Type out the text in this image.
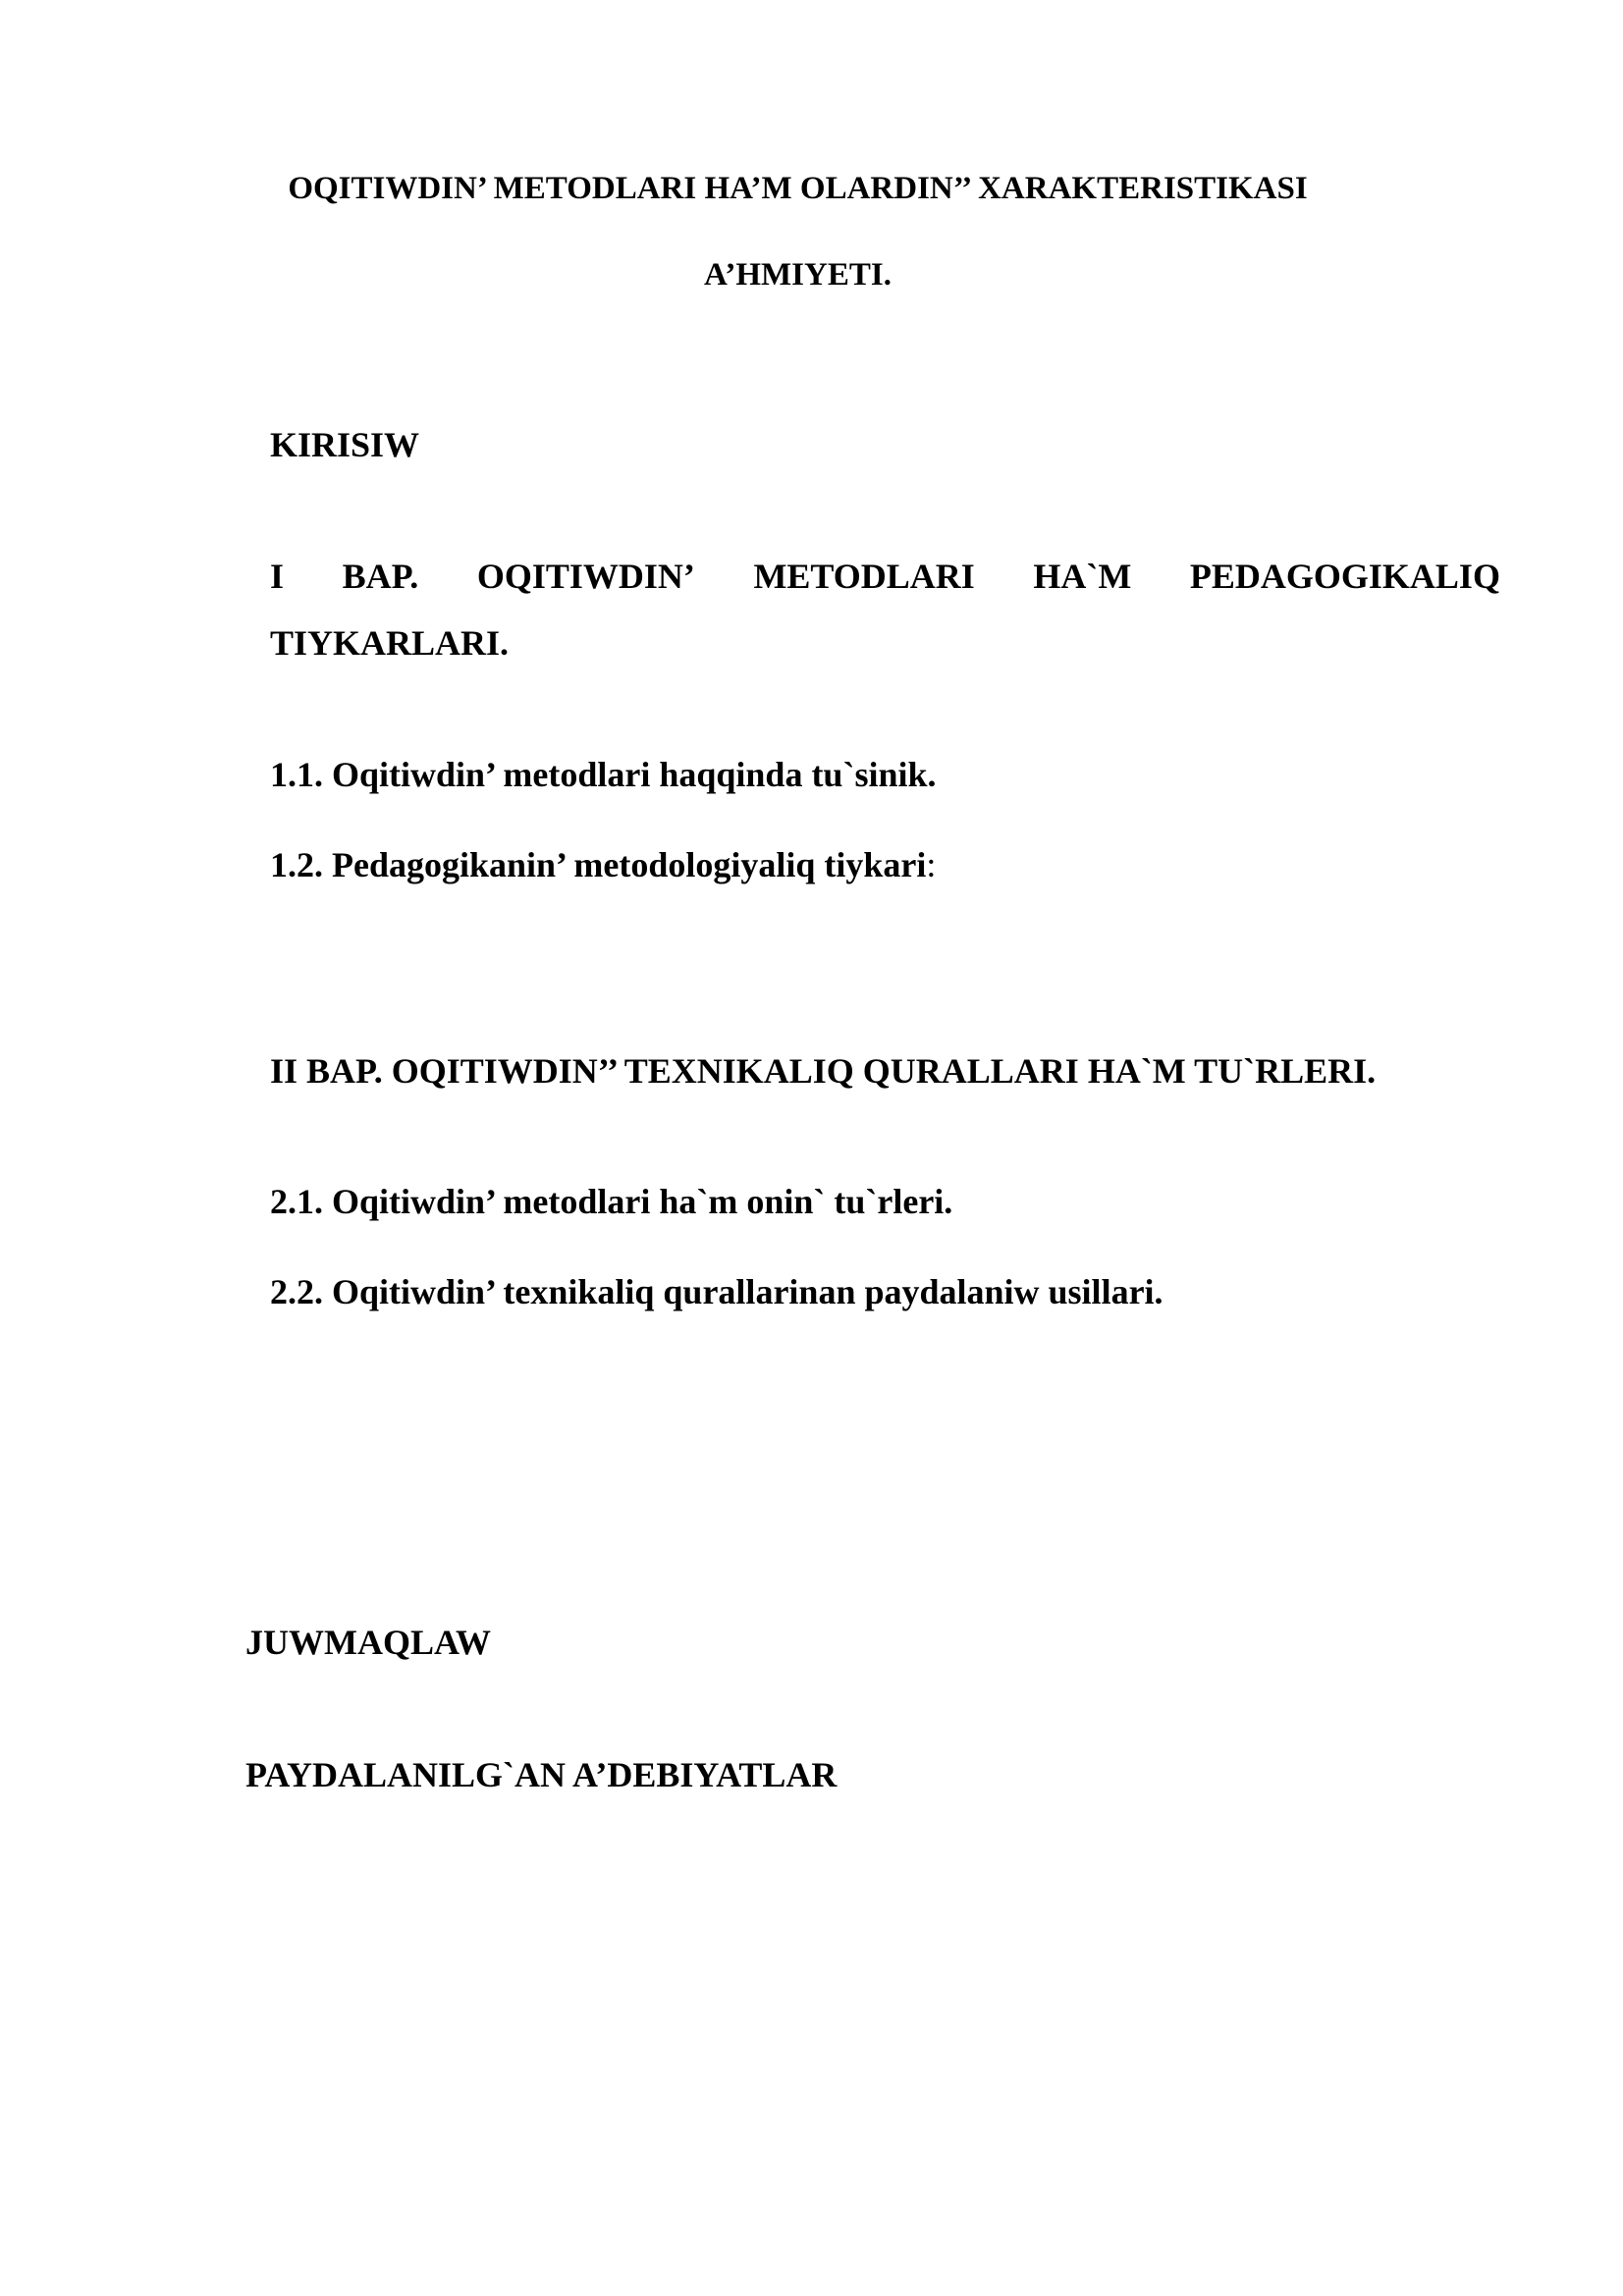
OQITIWDIN’ METODLARI HA’M OLARDIN’’ XARAKTERISTIKASI
A’HMIYETI.
KIRISIW
I BAP. OQITIWDIN’ METODLARI HA`M PEDAGOGIKALIQ
TIYKARLARI.
1.1. Oqitiwdin’ metodlari haqqinda tu`sinik.
1.2. Pedagogikanin’ metodologiyaliq tiykari:
II BAP. OQITIWDIN’’ TEXNIKALIQ QURALLARI HA`M TU`RLERI.
2.1. Oqitiwdin’ metodlari ha`m onin` tu`rleri.
2.2. Oqitiwdin’ texnikaliq qurallarinan paydalaniw usillari.
JUWMAQLAW
PAYDALANILG`AN A’DEBIYATLAR
